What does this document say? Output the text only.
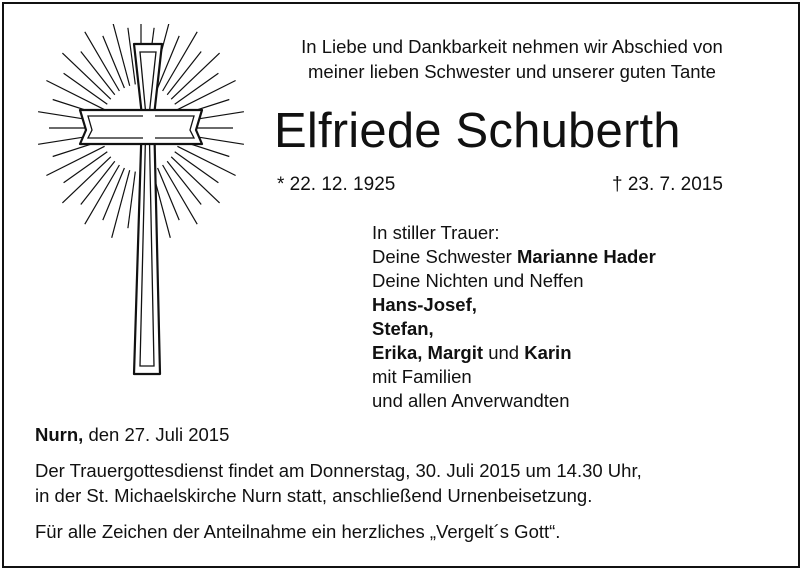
In Liebe und Dankbarkeit nehmen wir Abschied von
meiner lieben Schwester und unserer guten Tante
Elfriede Schuberth
* 22. 12. 1925	† 23. 7. 2015
In stiller Trauer:
Deine Schwester Marianne Hader
Deine Nichten und Neffen
Hans-Josef,
Stefan,
Erika, Margit und Karin
mit Familien
und allen Anverwandten
Nurn, den 27. Juli 2015
Der Trauergottesdienst findet am Donnerstag, 30. Juli 2015 um 14.30 Uhr,
in der St. Michaelskirche Nurn statt, anschließend Urnenbeisetzung.
Für alle Zeichen der Anteilnahme ein herzliches „Vergelt´s Gott“.
